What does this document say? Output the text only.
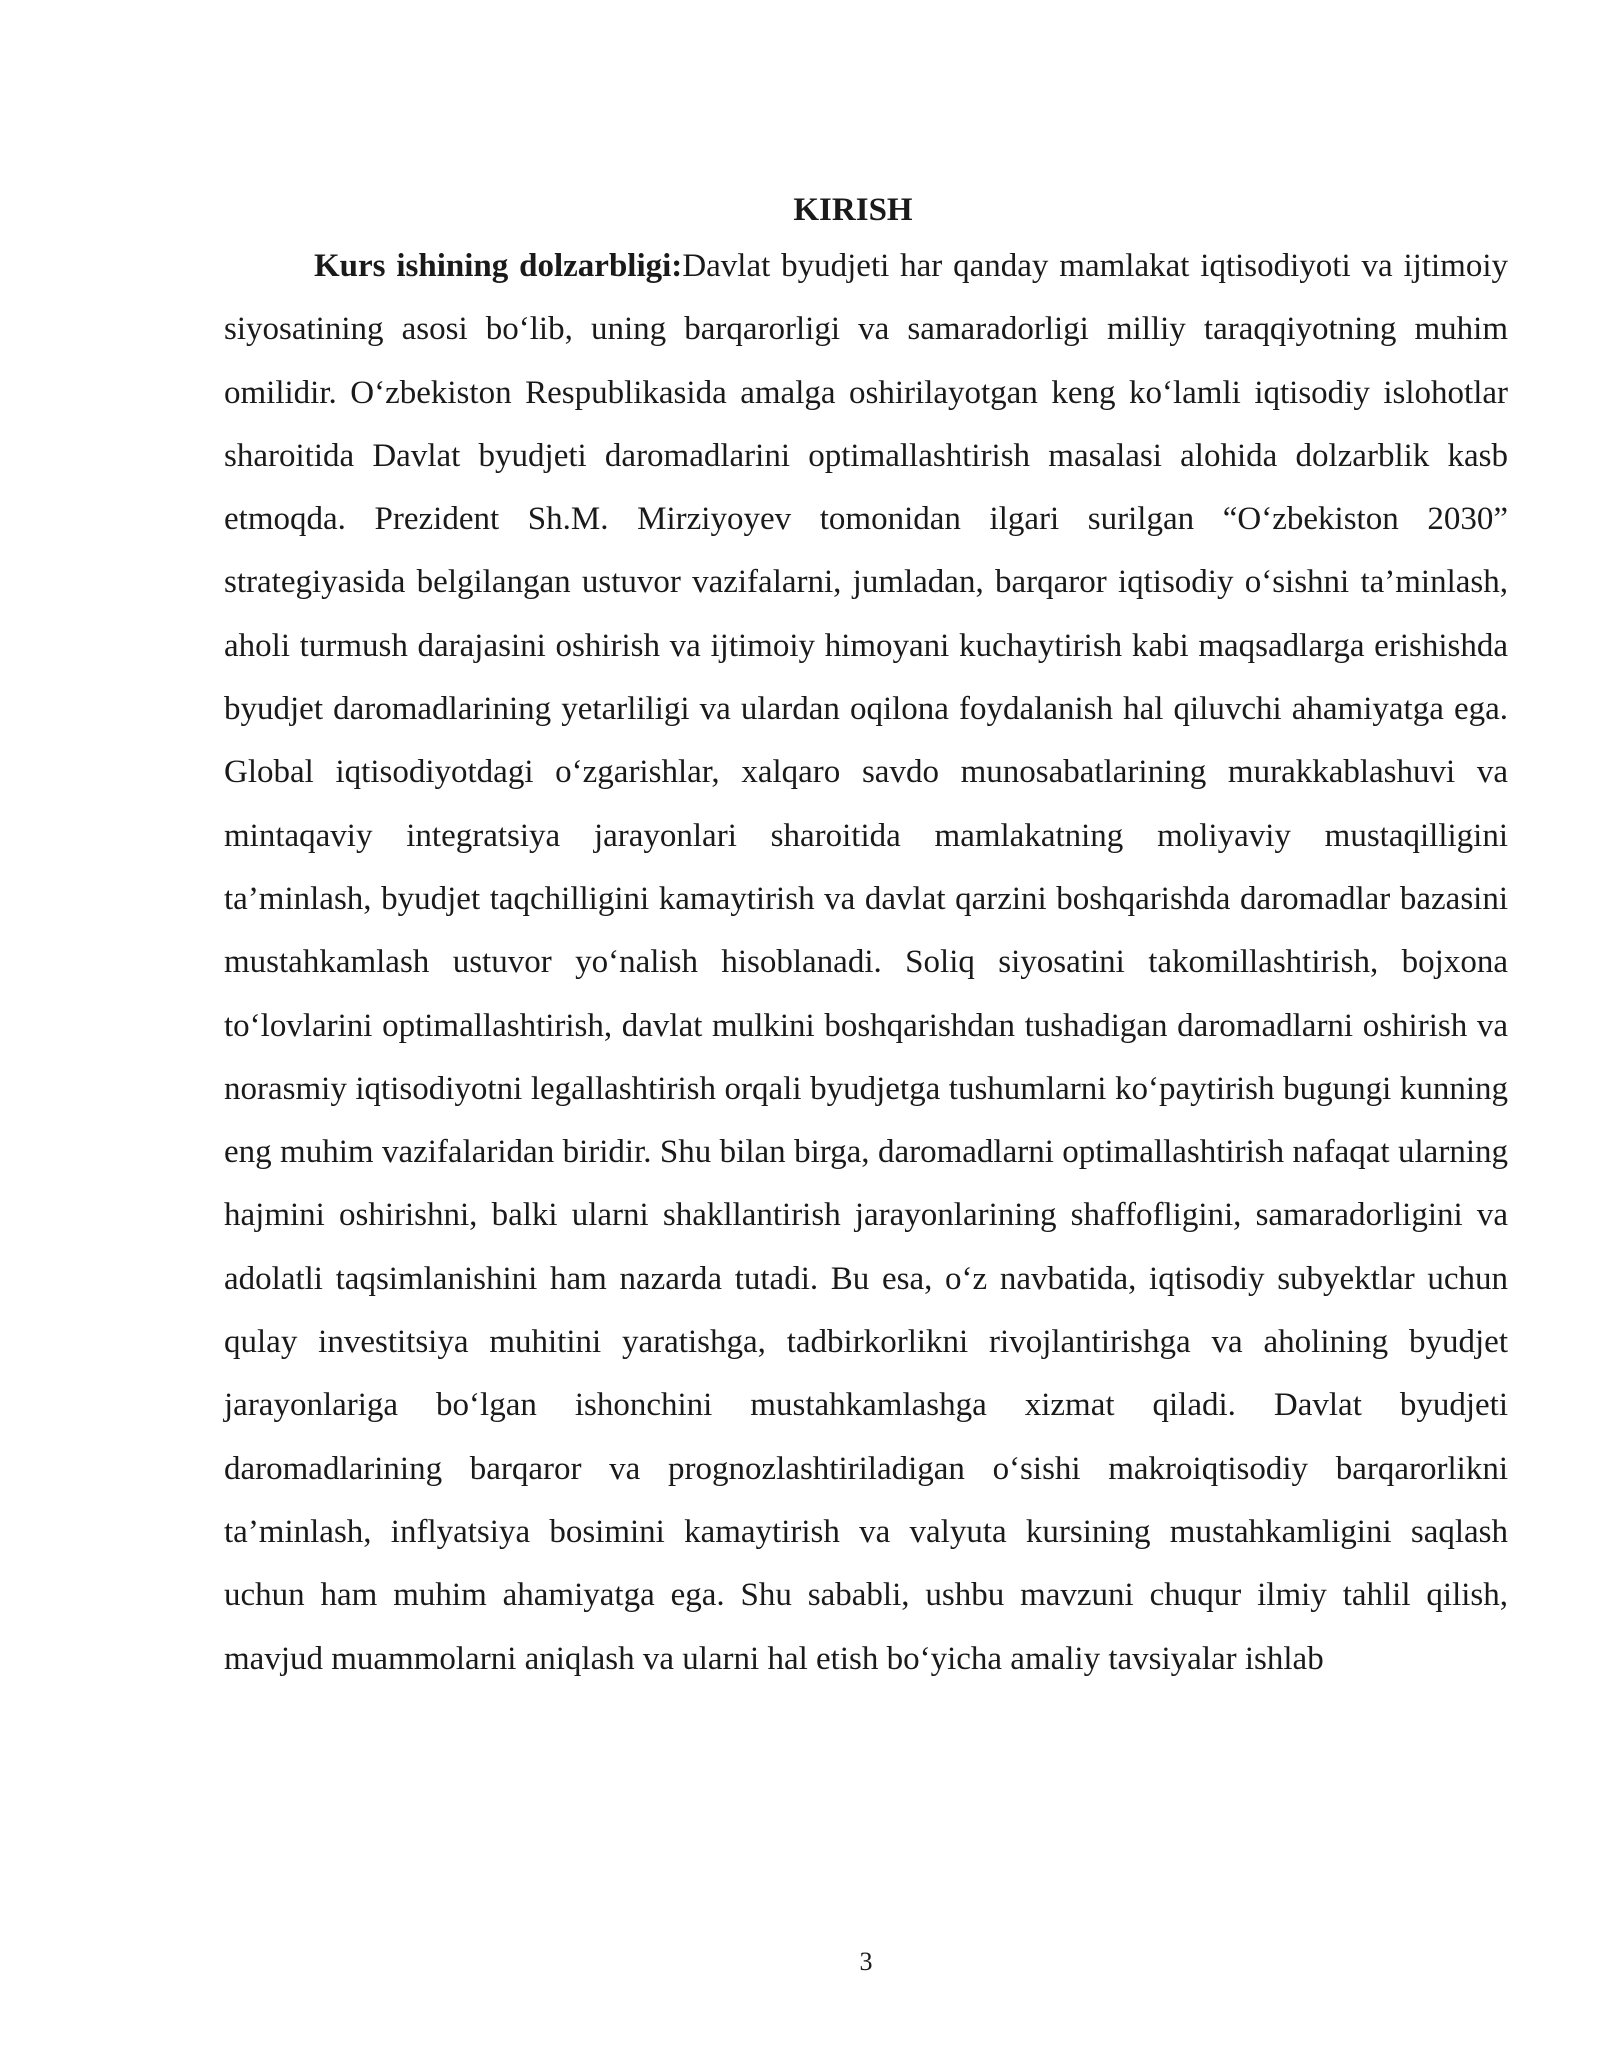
KIRISH

Kurs ishining dolzarbligi:Davlat byudjeti har qanday mamlakat iqtisodiyoti va ijtimoiy siyosatining asosi bo‘lib, uning barqarorligi va samaradorligi milliy taraqqiyotning muhim omilidir. O‘zbekiston Respublikasida amalga oshirilayotgan keng ko‘lamli iqtisodiy islohotlar sharoitida Davlat byudjeti daromadlarini optimallashtirish masalasi alohida dolzarblik kasb etmoqda. Prezident Sh.M. Mirziyoyev tomonidan ilgari surilgan “O‘zbekiston 2030” strategiyasida belgilangan ustuvor vazifalarni, jumladan, barqaror iqtisodiy o‘sishni ta’minlash, aholi turmush darajasini oshirish va ijtimoiy himoyani kuchaytirish kabi maqsadlarga erishishda byudjet daromadlarining yetarliligi va ulardan oqilona foydalanish hal qiluvchi ahamiyatga ega. Global iqtisodiyotdagi o‘zgarishlar, xalqaro savdo munosabatlarining murakkablashuvi va mintaqaviy integratsiya jarayonlari sharoitida mamlakatning moliyaviy mustaqilligini ta’minlash, byudjet taqchilligini kamaytirish va davlat qarzini boshqarishda daromadlar bazasini mustahkamlash ustuvor yo‘nalish hisoblanadi. Soliq siyosatini takomillashtirish, bojxona to‘lovlarini optimallashtirish, davlat mulkini boshqarishdan tushadigan daromadlarni oshirish va norasmiy iqtisodiyotni legallashtirish orqali byudjetga tushumlarni ko‘paytirish bugungi kunning eng muhim vazifalaridan biridir. Shu bilan birga, daromadlarni optimallashtirish nafaqat ularning hajmini oshirishni, balki ularni shakllantirish jarayonlarining shaffofligini, samaradorligini va adolatli taqsimlanishini ham nazarda tutadi. Bu esa, o‘z navbatida, iqtisodiy subyektlar uchun qulay investitsiya muhitini yaratishga, tadbirkorlikni rivojlantirishga va aholining byudjet jarayonlariga bo‘lgan ishonchini mustahkamlashga xizmat qiladi. Davlat byudjeti daromadlarining barqaror va prognozlashtiriladigan o‘sishi makroiqtisodiy barqarorlikni ta’minlash, inflyatsiya bosimini kamaytirish va valyuta kursining mustahkamligini saqlash uchun ham muhim ahamiyatga ega. Shu sababli, ushbu mavzuni chuqur ilmiy tahlil qilish, mavjud muammolarni aniqlash va ularni hal etish bo‘yicha amaliy tavsiyalar ishlab

3
